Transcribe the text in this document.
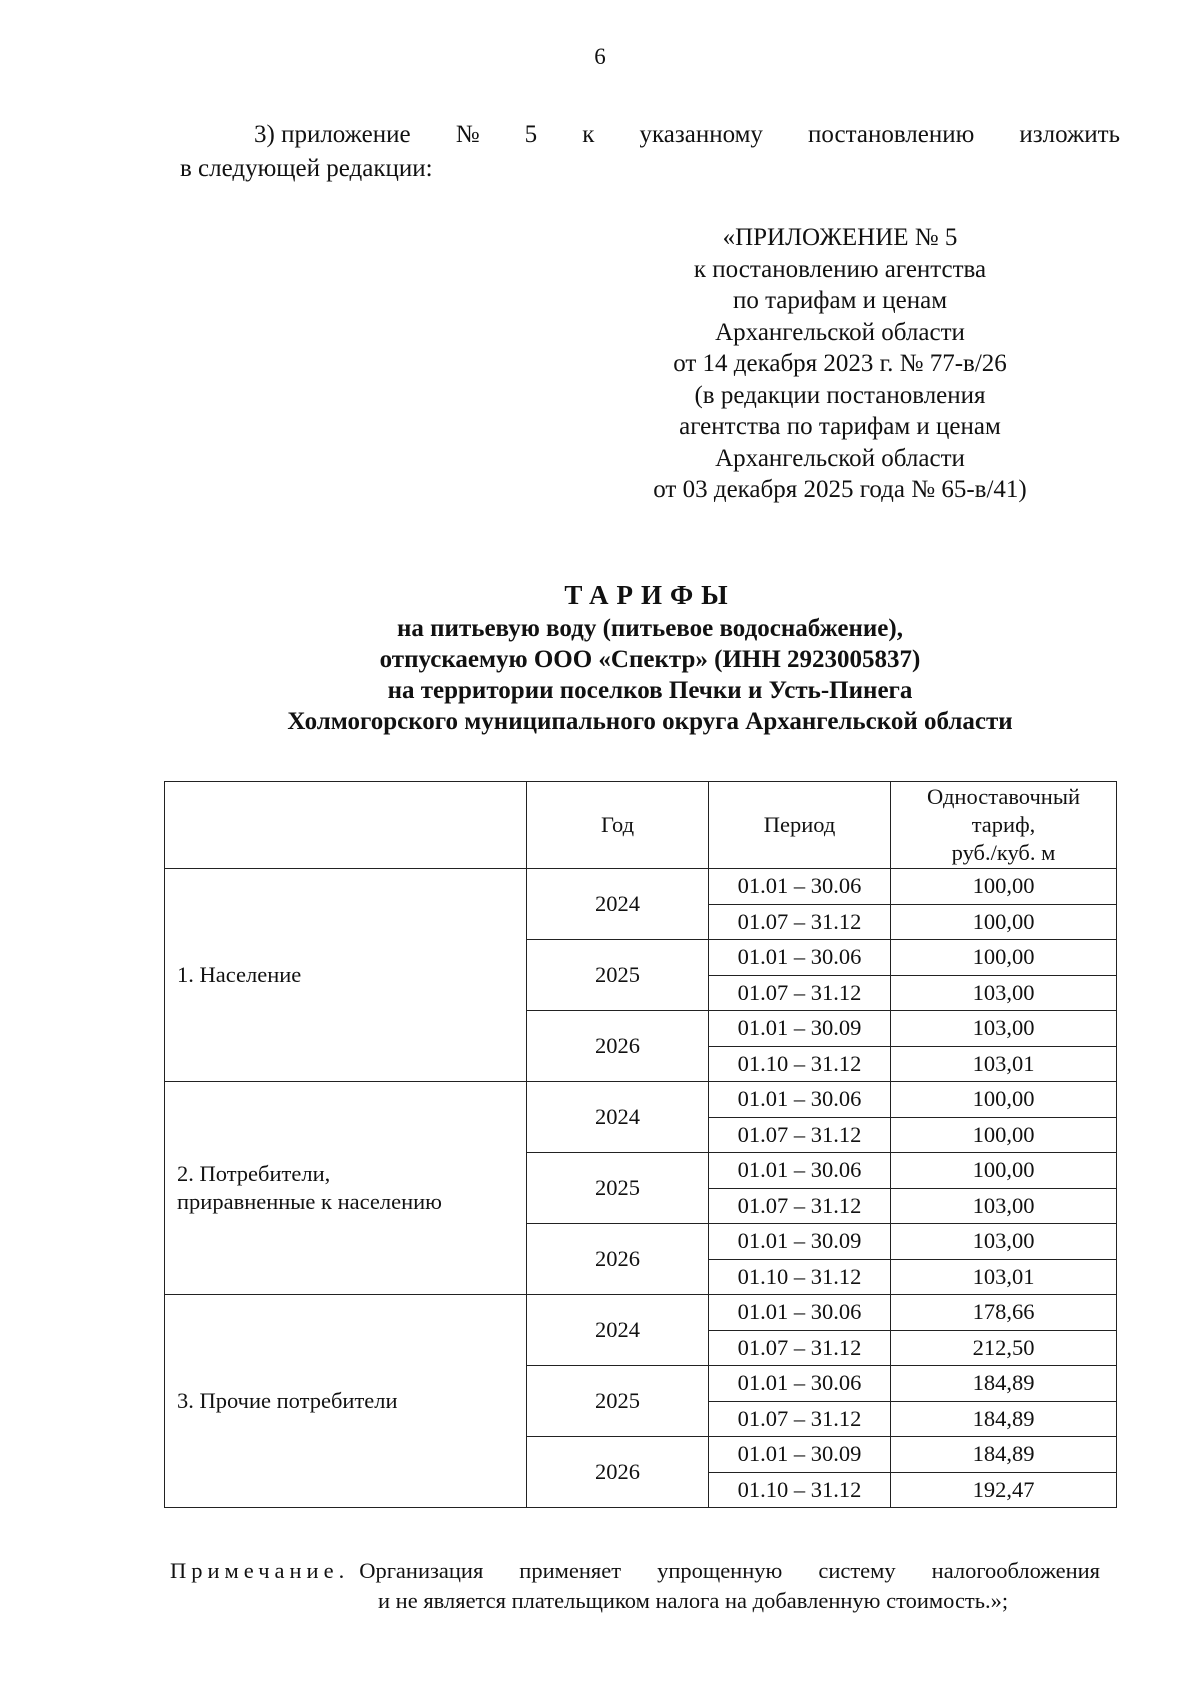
6
3) приложение № 5 к указанному постановлению изложить
в следующей редакции:
«ПРИЛОЖЕНИЕ № 5
к постановлению агентства
по тарифам и ценам
Архангельской области
от 14 декабря 2023 г. № 77-в/26
(в редакции постановления
агентства по тарифам и ценам
Архангельской области
от 03 декабря 2025 года № 65-в/41)
ТАРИФЫ
на питьевую воду (питьевое водоснабжение),
отпускаемую ООО «Спектр» (ИНН 2923005837)
на территории поселков Печки и Усть-Пинега
Холмогорского муниципального округа Архангельской области
	Год	Период	Одноставочный
тариф,
руб./куб. м

1. Население	2024	01.01 – 30.06	100,00
		01.07 – 31.12	100,00
	2025	01.01 – 30.06	100,00
		01.07 – 31.12	103,00
	2026	01.01 – 30.09	103,00
		01.10 – 31.12	103,01

2. Потребители,
приравненные к населению	2024	01.01 – 30.06	100,00
		01.07 – 31.12	100,00
	2025	01.01 – 30.06	100,00
		01.07 – 31.12	103,00
	2026	01.01 – 30.09	103,00
		01.10 – 31.12	103,01

3. Прочие потребители	2024	01.01 – 30.06	178,66
		01.07 – 31.12	212,50
	2025	01.01 – 30.06	184,89
		01.07 – 31.12	184,89
	2026	01.01 – 30.09	184,89
		01.10 – 31.12	192,47
Примечание. Организация применяет упрощенную систему налогообложения
и не является плательщиком налога на добавленную стоимость.»;
